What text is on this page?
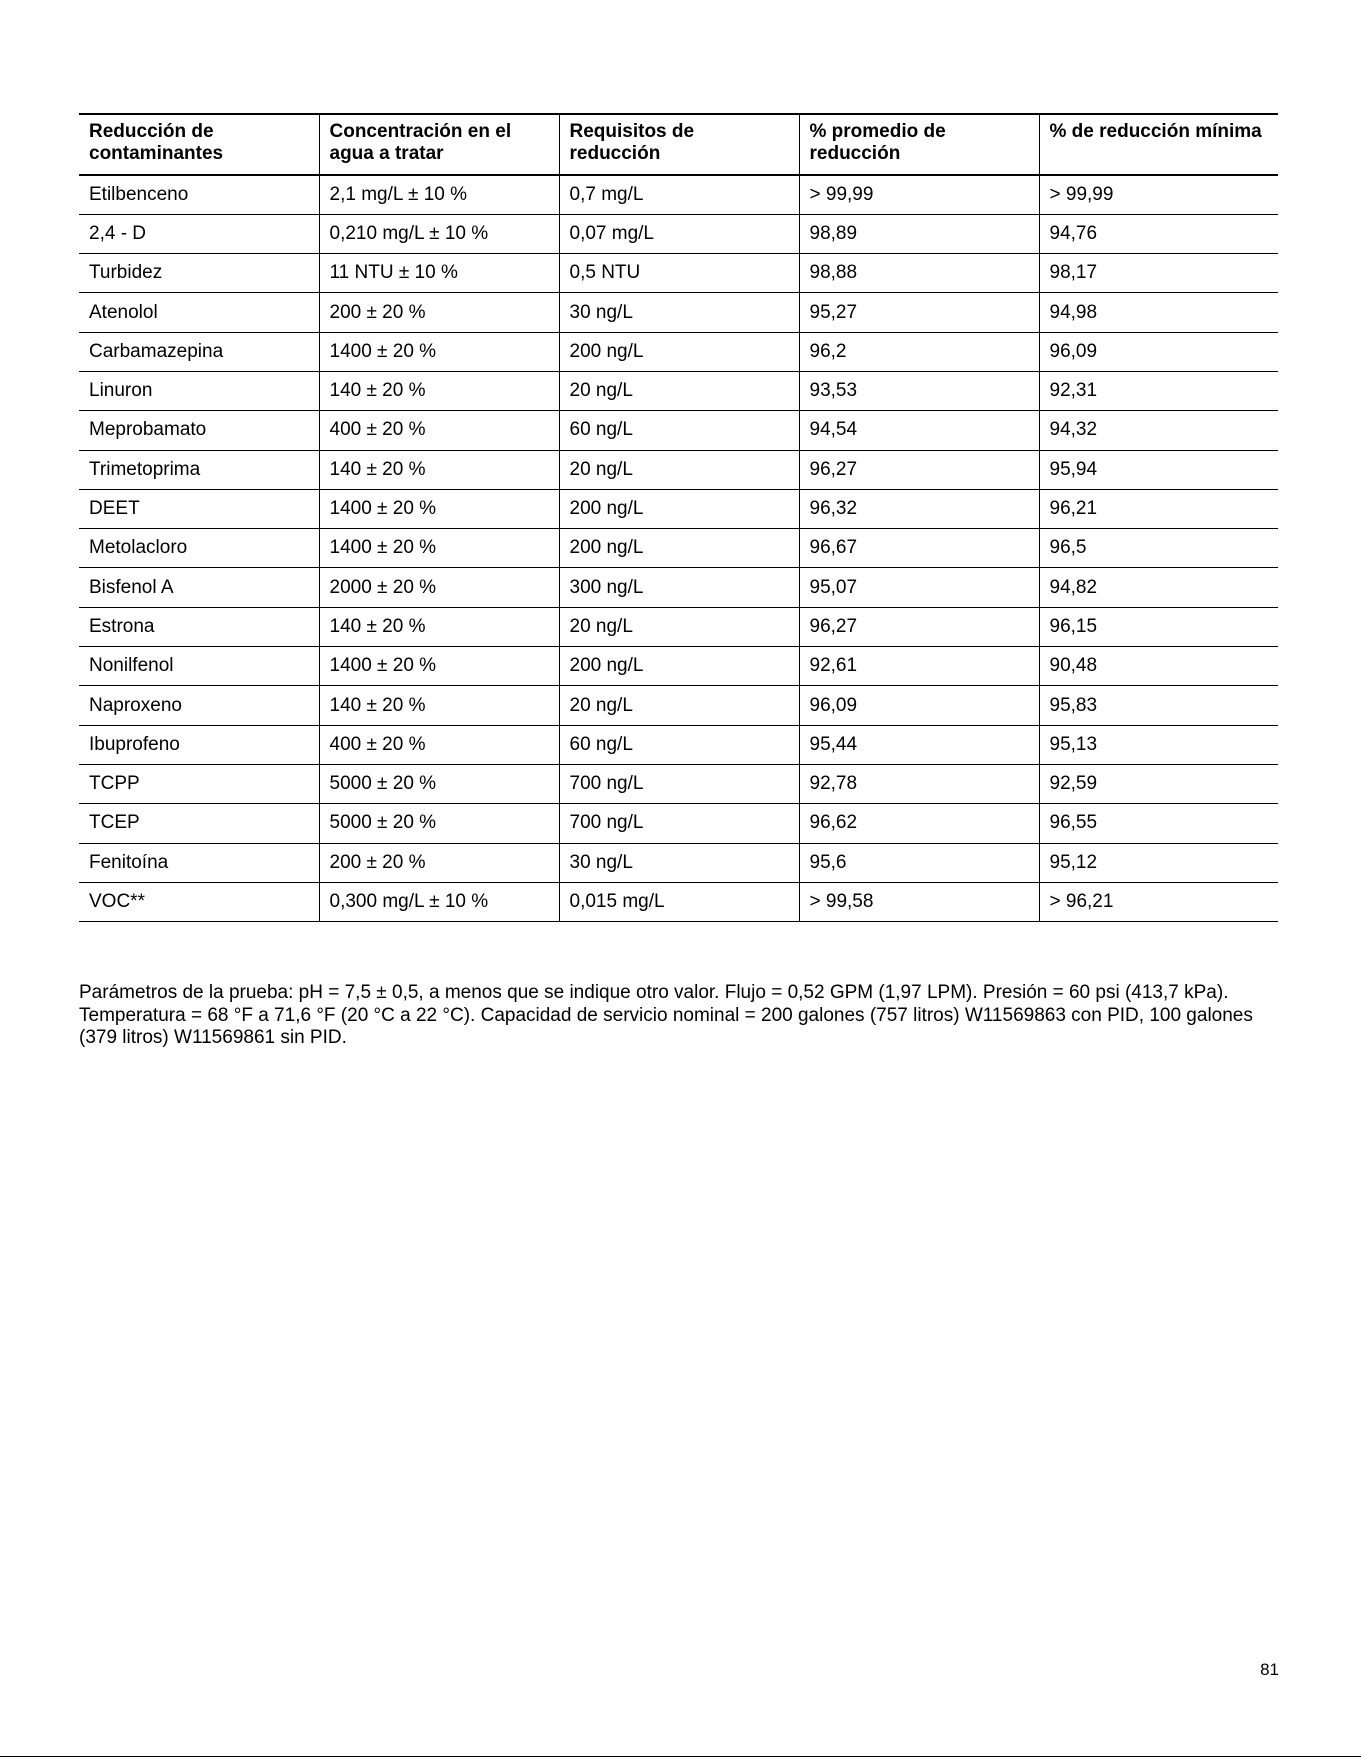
Reducción de contaminantes	Concentración en el agua a tratar	Requisitos de reducción	% promedio de reducción	% de reducción mínima
Etilbenceno	2,1 mg/L ± 10 %	0,7 mg/L	> 99,99	> 99,99
2,4 - D	0,210 mg/L ± 10 %	0,07 mg/L	98,89	94,76
Turbidez	11 NTU ± 10 %	0,5 NTU	98,88	98,17
Atenolol	200 ± 20 %	30 ng/L	95,27	94,98
Carbamazepina	1400 ± 20 %	200 ng/L	96,2	96,09
Linuron	140 ± 20 %	20 ng/L	93,53	92,31
Meprobamato	400 ± 20 %	60 ng/L	94,54	94,32
Trimetoprima	140 ± 20 %	20 ng/L	96,27	95,94
DEET	1400 ± 20 %	200 ng/L	96,32	96,21
Metolacloro	1400 ± 20 %	200 ng/L	96,67	96,5
Bisfenol A	2000 ± 20 %	300 ng/L	95,07	94,82
Estrona	140 ± 20 %	20 ng/L	96,27	96,15
Nonilfenol	1400 ± 20 %	200 ng/L	92,61	90,48
Naproxeno	140 ± 20 %	20 ng/L	96,09	95,83
Ibuprofeno	400 ± 20 %	60 ng/L	95,44	95,13
TCPP	5000 ± 20 %	700 ng/L	92,78	92,59
TCEP	5000 ± 20 %	700 ng/L	96,62	96,55
Fenitoína	200 ± 20 %	30 ng/L	95,6	95,12
VOC**	0,300 mg/L ± 10 %	0,015 mg/L	> 99,58	> 96,21

Parámetros de la prueba: pH = 7,5 ± 0,5, a menos que se indique otro valor. Flujo = 0,52 GPM (1,97 LPM). Presión = 60 psi (413,7 kPa). Temperatura = 68 °F a 71,6 °F (20 °C a 22 °C). Capacidad de servicio nominal = 200 galones (757 litros) W11569863 con PID, 100 galones (379 litros) W11569861 sin PID.

81
